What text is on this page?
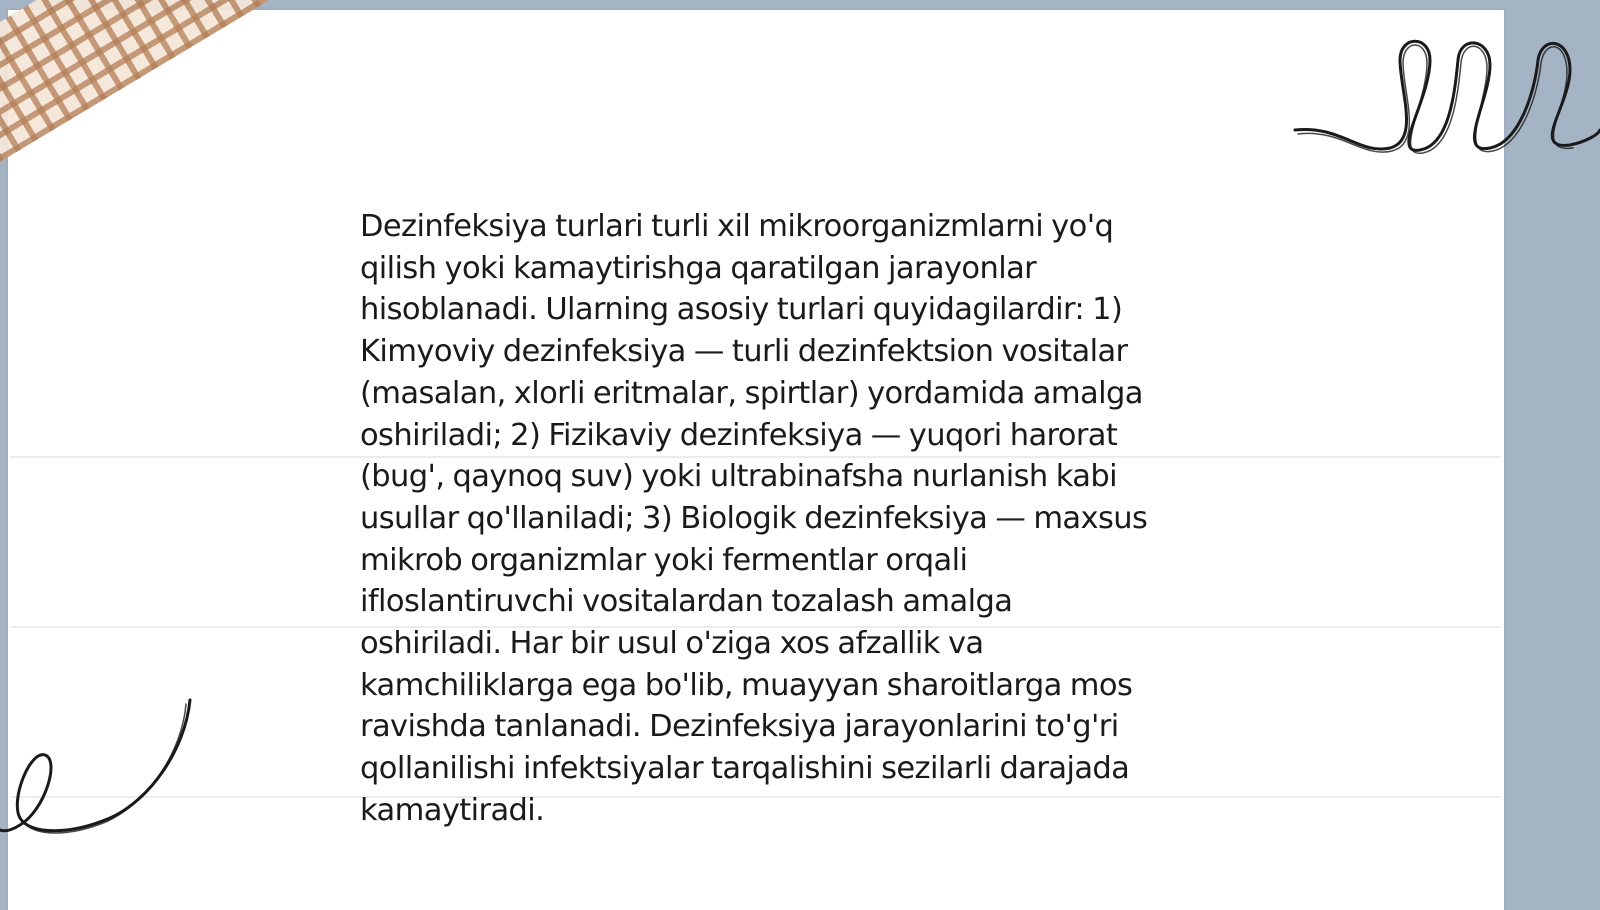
Dezinfeksiya turlari turli xil mikroorganizmlarni yo'q
qilish yoki kamaytirishga qaratilgan jarayonlar
hisoblanadi. Ularning asosiy turlari quyidagilardir: 1)
Kimyoviy dezinfeksiya — turli dezinfektsion vositalar
(masalan, xlorli eritmalar, spirtlar) yordamida amalga
oshiriladi; 2) Fizikaviy dezinfeksiya — yuqori harorat
(bug', qaynoq suv) yoki ultrabinafsha nurlanish kabi
usullar qo'llaniladi; 3) Biologik dezinfeksiya — maxsus
mikrob organizmlar yoki fermentlar orqali
ifloslantiruvchi vositalardan tozalash amalga
oshiriladi. Har bir usul o'ziga xos afzallik va
kamchiliklarga ega bo'lib, muayyan sharoitlarga mos
ravishda tanlanadi. Dezinfeksiya jarayonlarini to'g'ri
qollanilishi infektsiyalar tarqalishini sezilarli darajada
kamaytiradi.
